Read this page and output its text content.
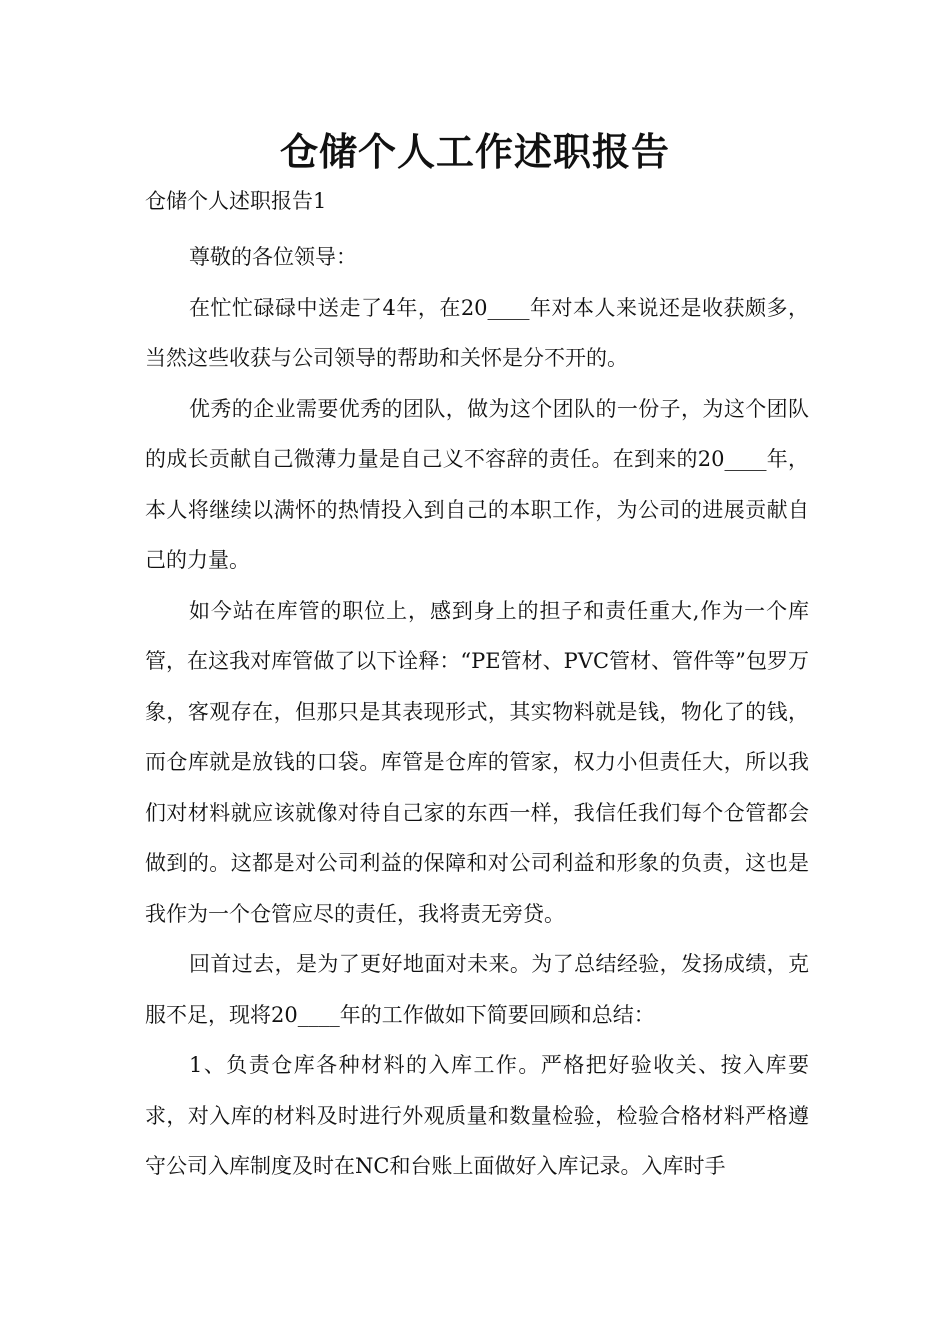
仓储个人工作述职报告
仓储个人述职报告1

尊敬的各位领导：

在忙忙碌碌中送走了4年，在20____年对本人来说还是收获颇多，当然这些收获与公司领导的帮助和关怀是分不开的。

优秀的企业需要优秀的团队，做为这个团队的一份子，为这个团队的成长贡献自己微薄力量是自己义不容辞的责任。在到来的20____年，本人将继续以满怀的热情投入到自己的本职工作，为公司的进展贡献自己的力量。

如今站在库管的职位上，感到身上的担子和责任重大,作为一个库管，在这我对库管做了以下诠释：“PE管材、PVC管材、管件等”包罗万象，客观存在，但那只是其表现形式，其实物料就是钱，物化了的钱，而仓库就是放钱的口袋。库管是仓库的管家，权力小但责任大，所以我们对材料就应该就像对待自己家的东西一样，我信任我们每个仓管都会做到的。这都是对公司利益的保障和对公司利益和形象的负责，这也是我作为一个仓管应尽的责任，我将责无旁贷。

回首过去，是为了更好地面对未来。为了总结经验，发扬成绩，克服不足，现将20____年的工作做如下简要回顾和总结：

1、负责仓库各种材料的入库工作。严格把好验收关、按入库要求，对入库的材料及时进行外观质量和数量检验，检验合格材料严格遵守公司入库制度及时在NC和台账上面做好入库记录。入库时手
